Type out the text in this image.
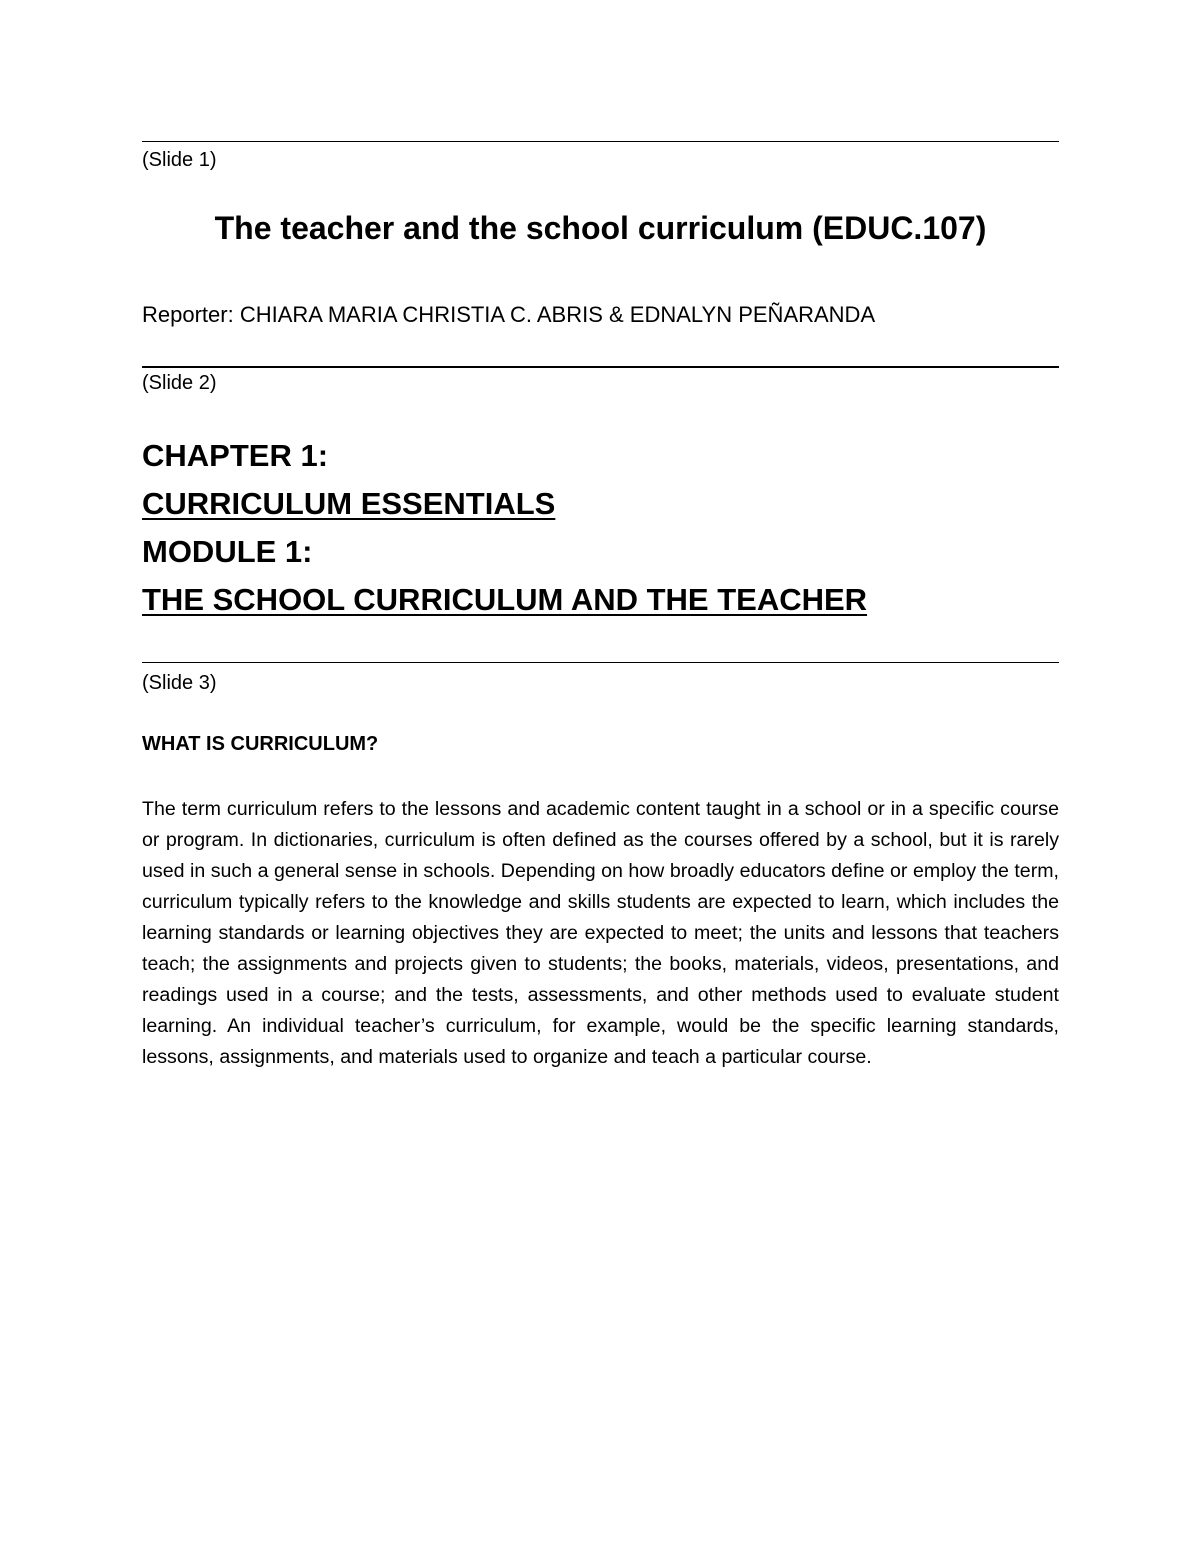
(Slide 1)
The teacher and the school curriculum (EDUC.107)
Reporter: CHIARA MARIA CHRISTIA C. ABRIS & EDNALYN PEÑARANDA
(Slide 2)
CHAPTER 1:
CURRICULUM ESSENTIALS
MODULE 1:
THE SCHOOL CURRICULUM AND THE TEACHER
(Slide 3)
WHAT IS CURRICULUM?

The term curriculum refers to the lessons and academic content taught in a school or in a specific course or program. In dictionaries, curriculum is often defined as the courses offered by a school, but it is rarely used in such a general sense in schools. Depending on how broadly educators define or employ the term, curriculum typically refers to the knowledge and skills students are expected to learn, which includes the learning standards or learning objectives they are expected to meet; the units and lessons that teachers teach; the assignments and projects given to students; the books, materials, videos, presentations, and readings used in a course; and the tests, assessments, and other methods used to evaluate student learning. An individual teacher’s curriculum, for example, would be the specific learning standards, lessons, assignments, and materials used to organize and teach a particular course.
